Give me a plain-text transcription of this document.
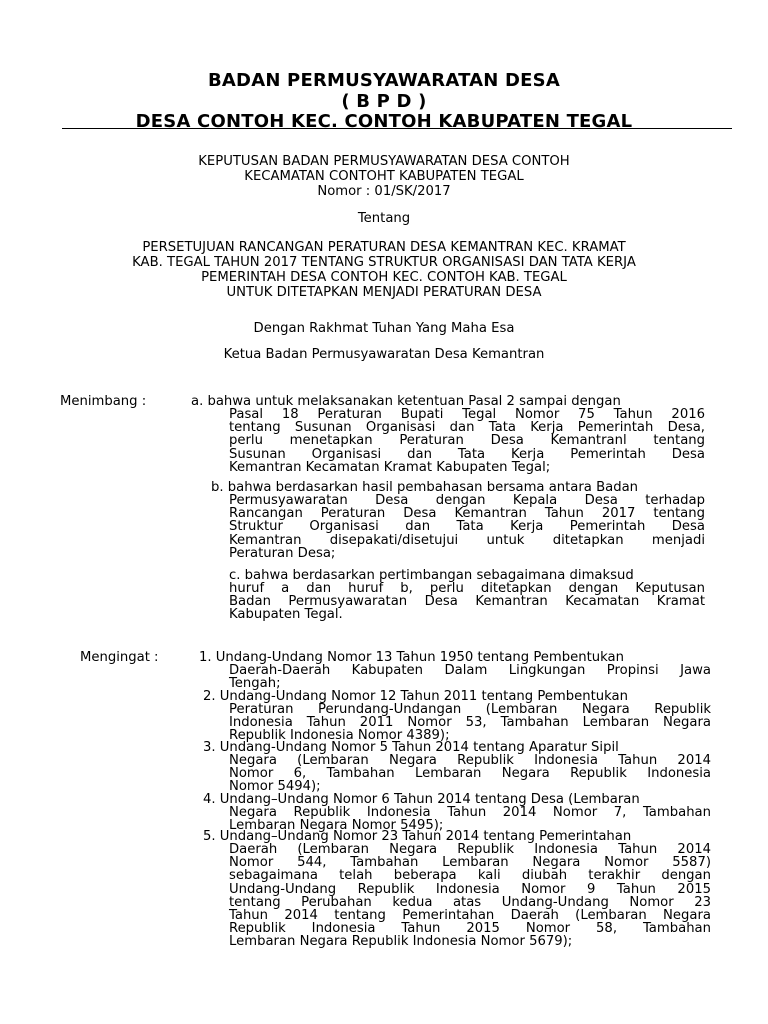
BADAN PERMUSYAWARATAN DESA
( B P D )
DESA CONTOH KEC. CONTOH KABUPATEN TEGAL
KEPUTUSAN BADAN PERMUSYAWARATAN DESA CONTOH
KECAMATAN CONTOHT KABUPATEN TEGAL
Nomor : 01/SK/2017
Tentang
PERSETUJUAN RANCANGAN PERATURAN DESA KEMANTRAN KEC. KRAMAT
KAB. TEGAL TAHUN 2017 TENTANG STRUKTUR ORGANISASI DAN TATA KERJA
PEMERINTAH DESA CONTOH KEC. CONTOH KAB. TEGAL
UNTUK DITETAPKAN MENJADI PERATURAN DESA
Dengan Rakhmat Tuhan Yang Maha Esa
Ketua Badan Permusyawaratan Desa Kemantran
Menimbang :	a. bahwa untuk melaksanakan ketentuan Pasal 2 sampai dengan
Pasal 18 Peraturan Bupati Tegal Nomor 75 Tahun 2016
tentang Susunan Organisasi dan Tata Kerja Pemerintah Desa,
perlu menetapkan Peraturan Desa Kemantranl tentang
Susunan Organisasi dan Tata Kerja Pemerintah Desa
Kemantran Kecamatan Kramat Kabupaten Tegal;
b. bahwa berdasarkan hasil pembahasan bersama antara Badan
Permusyawaratan Desa dengan Kepala Desa terhadap
Rancangan Peraturan Desa Kemantran Tahun 2017 tentang
Struktur Organisasi dan Tata Kerja Pemerintah Desa
Kemantran disepakati/disetujui untuk ditetapkan menjadi
Peraturan Desa;
c. bahwa berdasarkan pertimbangan sebagaimana dimaksud
huruf a dan huruf b, perlu ditetapkan dengan Keputusan
Badan Permusyawaratan Desa Kemantran Kecamatan Kramat
Kabupaten Tegal.
Mengingat :	1. Undang-Undang Nomor 13 Tahun 1950 tentang Pembentukan
Daerah-Daerah Kabupaten Dalam Lingkungan Propinsi Jawa
Tengah;
2. Undang-Undang Nomor 12 Tahun 2011 tentang Pembentukan
Peraturan Perundang-Undangan (Lembaran Negara Republik
Indonesia Tahun 2011 Nomor 53, Tambahan Lembaran Negara
Republik Indonesia Nomor 4389);
3. Undang-Undang Nomor 5 Tahun 2014 tentang Aparatur Sipil
Negara (Lembaran Negara Republik Indonesia Tahun 2014
Nomor 6, Tambahan Lembaran Negara Republik Indonesia
Nomor 5494);
4. Undang–Undang Nomor 6 Tahun 2014 tentang Desa (Lembaran
Negara Republik Indonesia Tahun 2014 Nomor 7, Tambahan
Lembaran Negara Nomor 5495);
5. Undang–Undang Nomor 23 Tahun 2014 tentang Pemerintahan
Daerah (Lembaran Negara Republik Indonesia Tahun 2014
Nomor 544, Tambahan Lembaran Negara Nomor 5587)
sebagaimana telah beberapa kali diubah terakhir dengan
Undang-Undang Republik Indonesia Nomor 9 Tahun 2015
tentang Perubahan kedua atas Undang-Undang Nomor 23
Tahun 2014 tentang Pemerintahan Daerah (Lembaran Negara
Republik Indonesia Tahun 2015 Nomor 58, Tambahan
Lembaran Negara Republik Indonesia Nomor 5679);
